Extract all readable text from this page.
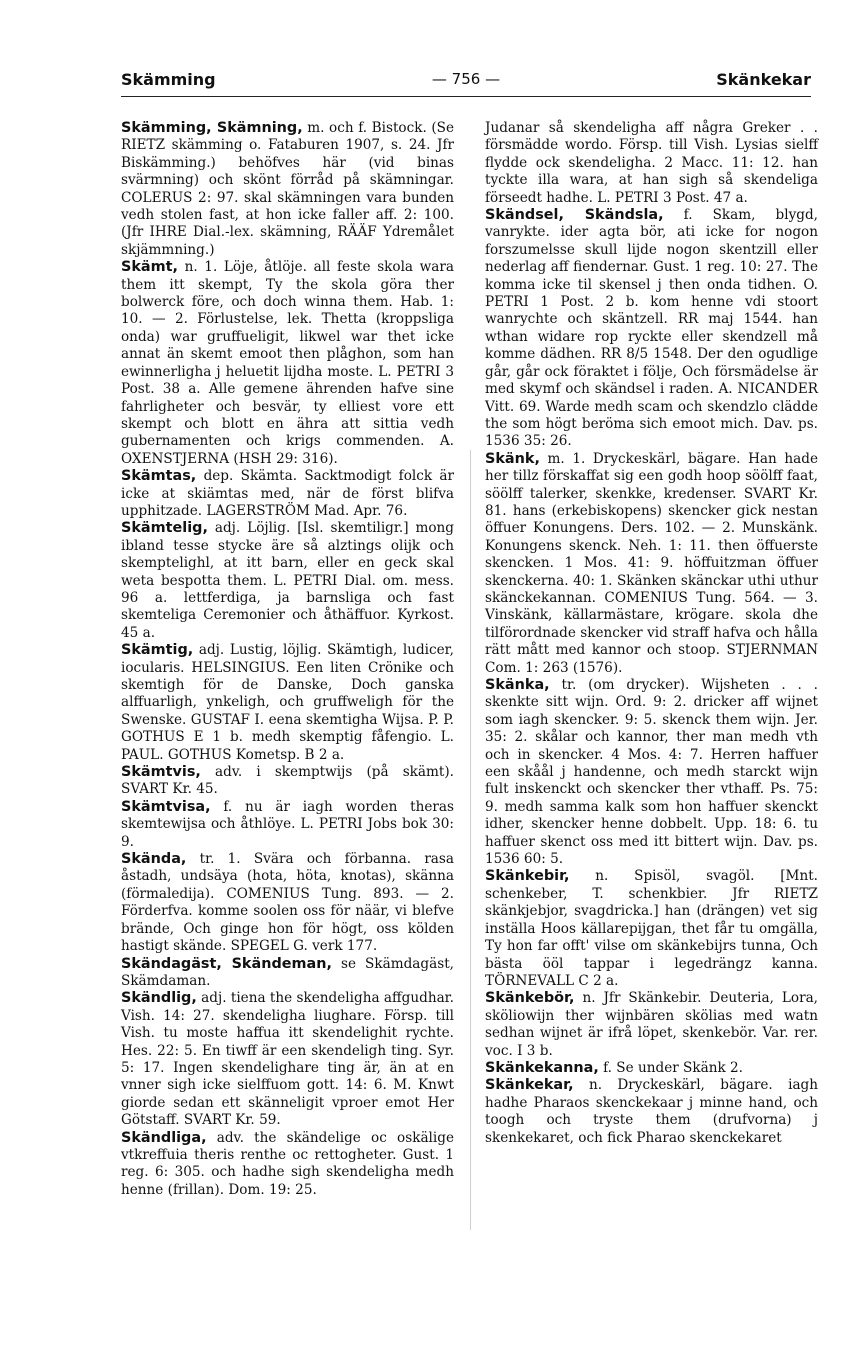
Skämming	— 756 —	Skänkekar

Skämming, Skämning, m. och f. Bistock. (Se RIETZ skämming o. Fataburen 1907, s. 24. Jfr Biskämming.) behöfves här (vid binas svärmning) och skönt förråd på skämningar. COLERUS 2: 97. skal skämningen vara bunden vedh stolen fast, at hon icke faller aff. 2: 100. (Jfr IHRE Dial.-lex. skämning, RÄÄF Ydremålet skjämmning.)

Skämt, n. 1. Löje, åtlöje. all feste skola wara them itt skempt, Ty the skola göra ther bolwerck före, och doch winna them. Hab. 1: 10. — 2. Förlustelse, lek. Thetta (kroppsliga onda) war gruffueligit, likwel war thet icke annat än skemt emoot then plåghon, som han ewinnerligha j heluetit lijdha moste. L. PETRI 3 Post. 38 a. Alle gemene ährenden hafve sine fahrligheter och besvär, ty elliest vore ett skempt och blott en ähra att sittia vedh gubernamenten och krigs commenden. A. OXENSTJERNA (HSH 29: 316).

Skämtas, dep. Skämta. Sacktmodigt folck är icke at skiämtas med, när de först blifva upphitzade. LAGERSTRÖM Mad. Apr. 76.

Skämtelig, adj. Löjlig. [Isl. skemtiligr.] mong ibland tesse stycke äre så alztings olijk och skemptelighl, at itt barn, eller en geck skal weta bespotta them. L. PETRI Dial. om. mess. 96 a. lettferdiga, ja barnsliga och fast skemteliga Ceremonier och åthäffuor. Kyrkost. 45 a.

Skämtig, adj. Lustig, löjlig. Skämtigh, ludicer, iocularis. HELSINGIUS. Een liten Crönike och skemtigh för de Danske, Doch ganska alffuarligh, ynkeligh, och gruffweligh för the Swenske. GUSTAF I. eena skemtigha Wijsa. P. P. GOTHUS E 1 b. medh skemptig fåfengio. L. PAUL. GOTHUS Kometsp. B 2 a.

Skämtvis, adv. i skemptwijs (på skämt). SVART Kr. 45.

Skämtvisa, f. nu är iagh worden theras skemtewijsa och åthlöye. L. PETRI Jobs bok 30: 9.

Skända, tr. 1. Svära och förbanna. rasa åstadh, undsäya (hota, höta, knotas), skänna (förmaledija). COMENIUS Tung. 893. — 2. Förderfva. komme soolen oss för näär, vi blefve brände, Och ginge hon för högt, oss kölden hastigt skände. SPEGEL G. verk 177.

Skändagäst, Skändeman, se Skämdagäst, Skämdaman.

Skändlig, adj. tiena the skendeligha affgudhar. Vish. 14: 27. skendeligha liughare. Försp. till Vish. tu moste haffua itt skendelighit rychte. Hes. 22: 5. En tiwff är een skendeligh ting. Syr. 5: 17. Ingen skendelighare ting är, än at en vnner sigh icke sielffuom gott. 14: 6. M. Knwt giorde sedan ett skännеligit vproer emot Her Götstaff. SVART Kr. 59.

Skändliga, adv. the skändelige oc oskälige vtkreffuia theris renthe oc rettogheter. Gust. 1 reg. 6: 305. och hadhe sigh skendeligha medh henne (frillan). Dom. 19: 25.

Judanar så skendeligha aff några Greker . . försmädde wordo. Försp. till Vish. Lysias sielff flydde ock skendeligha. 2 Macc. 11: 12. han tyckte illa wara, at han sigh så skendeliga förseedt hadhe. L. PETRI 3 Post. 47 a.

Skändsel, Skändsla, f. Skam, blygd, vanrykte. ider agta bör, ati icke for nogon forszumelsse skull lijde nogon skentzill eller nederlag aff fiendernar. Gust. 1 reg. 10: 27. The komma icke til skensel j then onda tidhen. O. PETRI 1 Post. 2 b. kom henne vdi stoort wanrychte och skäntzell. RR maj 1544. han wthan widare rop ryckte eller skendzell må komme dädhen. RR 8/5 1548. Der den ogudlige går, går ock föraktet i följe, Och försmädelse är med skymf och skändsel i raden. A. NICANDER Vitt. 69. Warde medh scam och skendzlo clädde the som högt beröma sich emoot mich. Dav. ps. 1536 35: 26.

Skänk, m. 1. Dryckeskärl, bägare. Han hade her tillz förskaffat sig een godh hoop söölff faat, söölff talerker, skenkke, kredenser. SVART Kr. 81. hans (erkebiskopens) skencker gick nestan öffuer Konungens. Ders. 102. — 2. Munskänk. Konungens skenck. Neh. 1: 11. then öffuerste skencken. 1 Mos. 41: 9. höffuitzman öffuer skenckerna. 40: 1. Skänken skänckar uthi uthur skänckekannan. COMENIUS Tung. 564. — 3. Vinskänk, källarmästare, krögare. skola dhe tilförordnade skencker vid straff hafva och hålla rätt mått med kannor och stoop. STJERNMAN Com. 1: 263 (1576).

Skänka, tr. (om drycker). Wijsheten . . . skenkte sitt wijn. Ord. 9: 2. dricker aff wijnet som iagh skencker. 9: 5. skenck them wijn. Jer. 35: 2. skålar och kannor, ther man medh vth och in skencker. 4 Mos. 4: 7. Herren haffuer een skåål j handenne, och medh starckt wijn fult inskenckt och skencker ther vthaff. Ps. 75: 9. medh samma kalk som hon haffuer skenckt idher, skencker henne dobbelt. Upp. 18: 6. tu haffuer skenct oss med itt bittert wijn. Dav. ps. 1536 60: 5.

Skänkebir, n. Spisöl, svagöl. [Mnt. schenkeber, T. schenkbier. Jfr RIETZ skänkjebjor, svagdricka.] han (drängen) vet sig inställa Hoos källarepijgan, thet får tu omgälla, Ty hon far offt' vilse om skänkebijrs tunna, Och bästa ööl tappar i legedrängz kanna. TÖRNEVALL C 2 a.

Skänkebör, n. Jfr Skänkebir. Deuteria, Lora, sköliowijn ther wijnbären skölias med watn sedhan wijnet är ifrå löpet, skenkebör. Var. rer. voc. I 3 b.

Skänkekanna, f. Se under Skänk 2.

Skänkekar, n. Dryckeskärl, bägare. iagh hadhe Pharaos skenckekaar j minne hand, och toogh och tryste them (drufvorna) j skenkekaret, och fick Pharao skenckekaret
